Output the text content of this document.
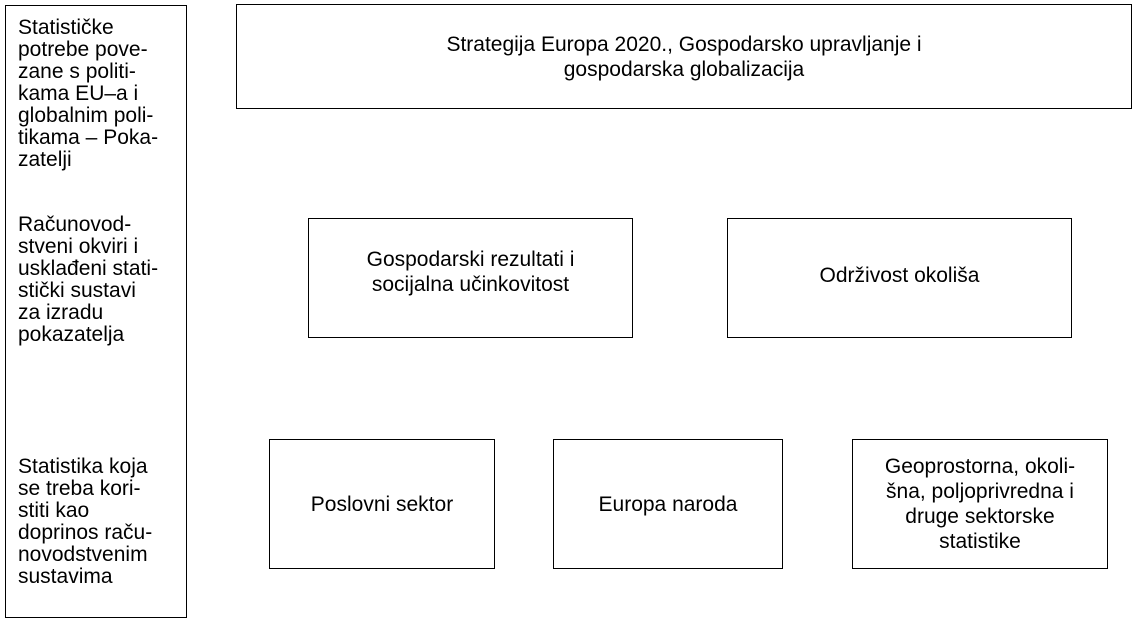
Statističke
potrebe pove-
zane s politi-
kama EU–a i
globalnim poli-
tikama – Poka-
zatelji
Računovod-
stveni okviri i
usklađeni stati-
stički sustavi
za izradu
pokazatelja
Statistika koja
se treba kori-
stiti kao
doprinos raču-
novodstvenim
sustavima
Strategija Europa 2020., Gospodarsko upravljanje i
gospodarska globalizacija
Gospodarski rezultati i
socijalna učinkovitost	Održivost okoliša
Poslovni sektor	Europa naroda
Geoprostorna, okoli-
šna, poljoprivredna i
druge sektorske
statistike
